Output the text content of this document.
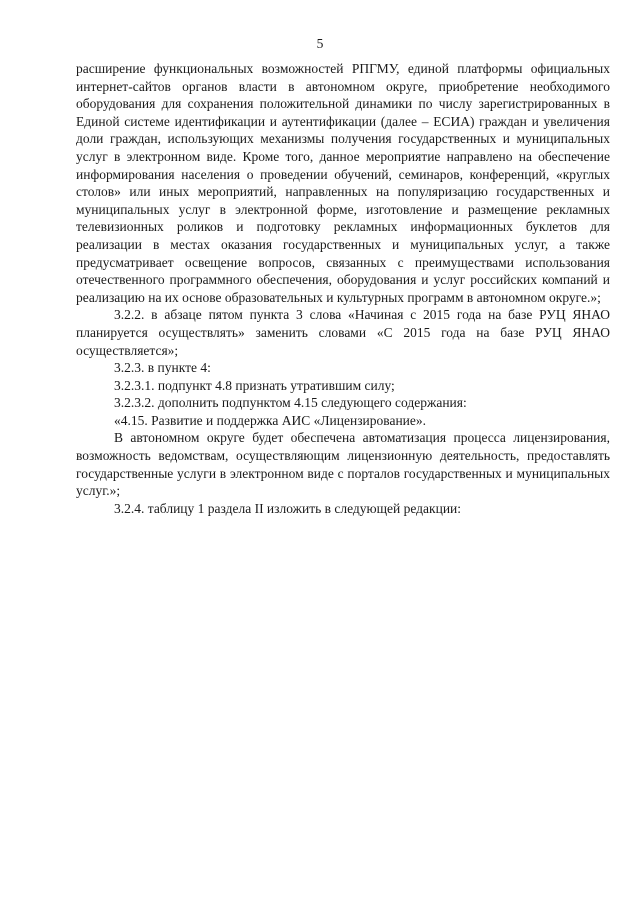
5

расширение функциональных возможностей РПГМУ, единой платформы официальных интернет-сайтов органов власти в автономном округе, приобретение необходимого оборудования для сохранения положительной динамики по числу зарегистрированных в Единой системе идентификации и аутентификации (далее – ЕСИА) граждан и увеличения доли граждан, использующих механизмы получения государственных и муниципальных услуг в электронном виде. Кроме того, данное мероприятие направлено на обеспечение информирования населения о проведении обучений, семинаров, конференций, «круглых столов» или иных мероприятий, направленных на популяризацию государственных и муниципальных услуг в электронной форме, изготовление и размещение рекламных телевизионных роликов и подготовку рекламных информационных буклетов для реализации в местах оказания государственных и муниципальных услуг, а также предусматривает освещение вопросов, связанных с преимуществами использования отечественного программного обеспечения, оборудования и услуг российских компаний и реализацию на их основе образовательных и культурных программ в автономном округе.»;

3.2.2. в абзаце пятом пункта 3 слова «Начиная с 2015 года на базе РУЦ ЯНАО планируется осуществлять» заменить словами «С 2015 года на базе РУЦ ЯНАО осуществляется»;

3.2.3. в пункте 4:

3.2.3.1. подпункт 4.8 признать утратившим силу;

3.2.3.2. дополнить подпунктом 4.15 следующего содержания:

«4.15. Развитие и поддержка АИС «Лицензирование».

В автономном округе будет обеспечена автоматизация процесса лицензирования, возможность ведомствам, осуществляющим лицензионную деятельность, предоставлять государственные услуги в электронном виде с порталов государственных и муниципальных услуг.»;

3.2.4. таблицу 1 раздела II изложить в следующей редакции:
